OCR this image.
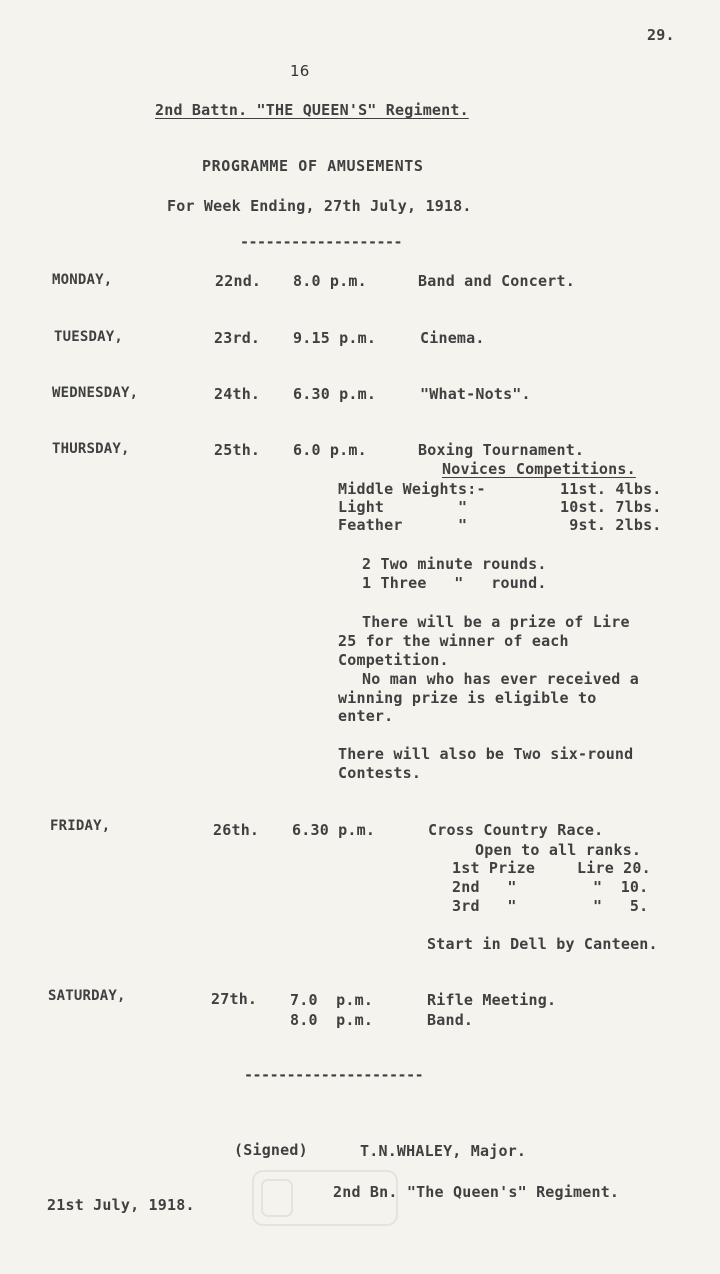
29.
16
2nd Battn. "THE QUEEN'S" Regiment.
PROGRAMME OF AMUSEMENTS
For Week Ending, 27th July, 1918.
-------------------
MONDAY,	22nd. 8.0 p.m.	Band and Concert.
TUESDAY,	23rd. 9.15 p.m.	Cinema.
WEDNESDAY,	24th. 6.30 p.m.	"What-Nots".
THURSDAY,	25th. 6.0 p.m.	Boxing Tournament.
Novices Competitions.
Middle Weights:-	11st. 4lbs.
Light        "	10st. 7lbs.
Feather      "	9st. 2lbs.
2 Two minute rounds.
1 Three   "   round.
There will be a prize of Lire
25 for the winner of each
Competition.
No man who has ever received a
winning prize is eligible to
enter.
There will also be Two six-round
Contests.
FRIDAY,	26th. 6.30 p.m.	Cross Country Race.
Open to all ranks.
1st Prize	Lire 20.
2nd   "	"  10.
3rd   "	"   5.
Start in Dell by Canteen.
SATURDAY,	27th. 7.0  p.m.	Rifle Meeting.
8.0  p.m.	Band.
---------------------
(Signed)	T.N.WHALEY, Major.
2nd Bn. "The Queen's" Regiment.
21st July, 1918.
